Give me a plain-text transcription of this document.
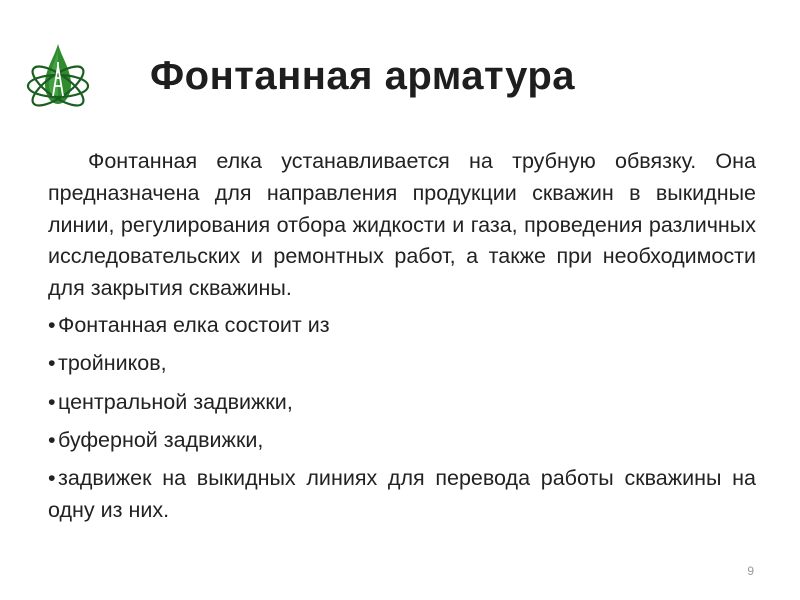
Фонтанная арматура

Фонтанная елка устанавливается на трубную обвязку. Она предназначена для направления продукции скважин в выкидные линии, регулирования отбора жидкости и газа, проведения различных исследовательских и ремонтных работ, а также при необходимости для закрытия скважины.

• Фонтанная елка состоит из
• тройников,
• центральной задвижки,
• буферной задвижки,
• задвижек на выкидных линиях для перевода работы скважины на одну из них.
9
